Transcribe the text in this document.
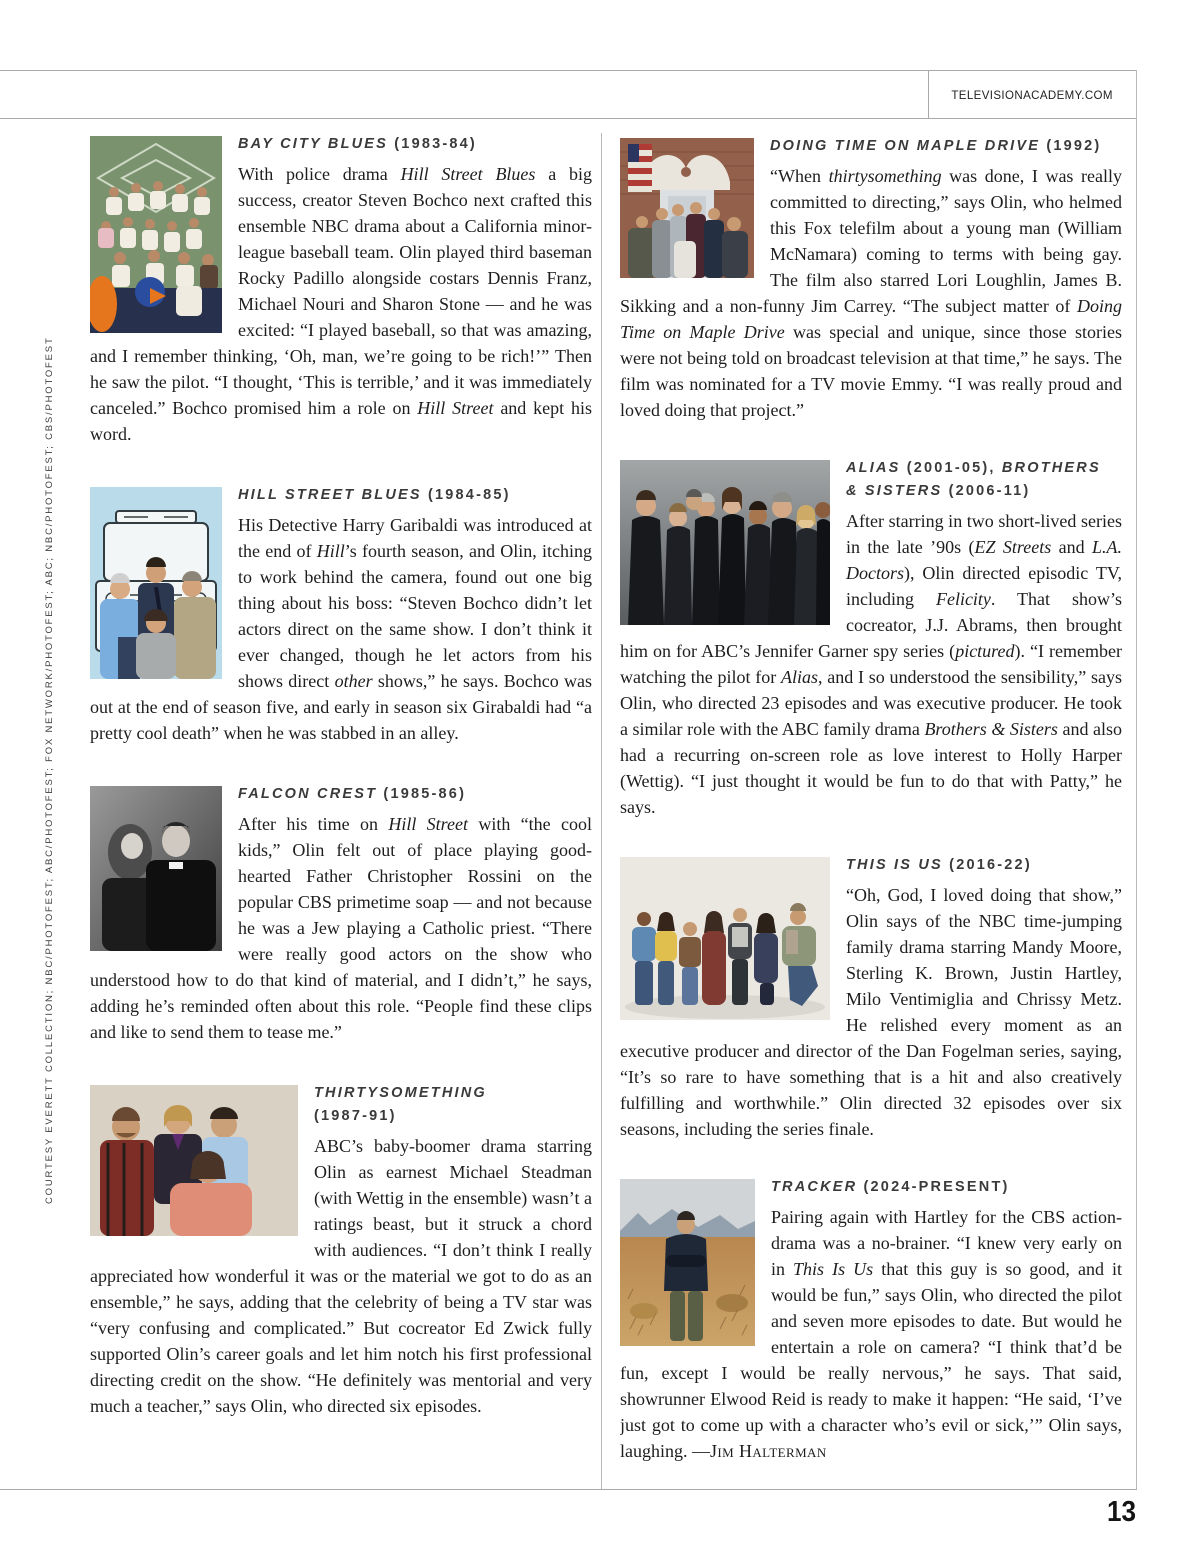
TELEVISIONACADEMY.COM
COURTESY EVERETT COLLECTION; NBC/PHOTOFEST; ABC/PHOTOFEST; FOX NETWORK/PHOTOFEST; ABC; NBC/PHOTOFEST; CBS/PHOTOFEST
13
BAY CITY BLUES (1983-84)

With police drama Hill Street Blues a big success, creator Steven Bochco next crafted this ensemble NBC drama about a California minor-league baseball team. Olin played third baseman Rocky Padillo alongside costars Dennis Franz, Michael Nouri and Sharon Stone — and he was excited: “I played baseball, so that was amazing, and I remember thinking, ‘Oh, man, we’re going to be rich!’” Then he saw the pilot. “I thought, ‘This is terrible,’ and it was immediately canceled.” Bochco promised him a role on Hill Street and kept his word.

HILL STREET BLUES (1984-85)

His Detective Harry Garibaldi was introduced at the end of Hill’s fourth season, and Olin, itching to work behind the camera, found out one big thing about his boss: “Steven Bochco didn’t let actors direct on the same show. I don’t think it ever changed, though he let actors from his shows direct other shows,” he says. Bochco was out at the end of season five, and early in season six Girabaldi had “a pretty cool death” when he was stabbed in an alley.

FALCON CREST (1985-86)

After his time on Hill Street with “the cool kids,” Olin felt out of place playing good-hearted Father Christopher Rossini on the popular CBS primetime soap — and not because he was a Jew playing a Catholic priest. “There were really good actors on the show who understood how to do that kind of material, and I didn’t,” he says, adding he’s reminded often about this role. “People find these clips and like to send them to tease me.”

THIRTYSOMETHING
(1987-91)

ABC’s baby-boomer drama starring Olin as earnest Michael Steadman (with Wettig in the ensemble) wasn’t a ratings beast, but it struck a chord with audiences. “I don’t think I really appreciated how wonderful it was or the material we got to do as an ensemble,” he says, adding that the celebrity of being a TV star was “very confusing and complicated.” But cocreator Ed Zwick fully supported Olin’s career goals and let him notch his first professional directing credit on the show. “He definitely was mentorial and very much a teacher,” says Olin, who directed six episodes.

DOING TIME ON MAPLE DRIVE (1992)

“When thirtysomething was done, I was really committed to directing,” says Olin, who helmed this Fox telefilm about a young man (William McNamara) coming to terms with being gay. The film also starred Lori Loughlin, James B. Sikking and a non-funny Jim Carrey. “The subject matter of Doing Time on Maple Drive was special and unique, since those stories were not being told on broadcast television at that time,” he says. The film was nominated for a TV movie Emmy. “I was really proud and loved doing that project.”

ALIAS (2001-05), BROTHERS
& SISTERS (2006-11)

After starring in two short-lived series in the late ’90s (EZ Streets and L.A. Doctors), Olin directed episodic TV, including Felicity. That show’s cocreator, J.J. Abrams, then brought him on for ABC’s Jennifer Garner spy series (pictured). “I remember watching the pilot for Alias, and I so understood the sensibility,” says Olin, who directed 23 episodes and was executive producer. He took a similar role with the ABC family drama Brothers & Sisters and also had a recurring on-screen role as love interest to Holly Harper (Wettig). “I just thought it would be fun to do that with Patty,” he says.

THIS IS US (2016-22)

“Oh, God, I loved doing that show,” Olin says of the NBC time-jumping family drama starring Mandy Moore, Sterling K. Brown, Justin Hartley, Milo Ventimiglia and Chrissy Metz. He relished every moment as an executive producer and director of the Dan Fogelman series, saying, “It’s so rare to have something that is a hit and also creatively fulfilling and worthwhile.” Olin directed 32 episodes over six seasons, including the series finale.

TRACKER (2024-PRESENT)

Pairing again with Hartley for the CBS action-drama was a no-brainer. “I knew very early on in This Is Us that this guy is so good, and it would be fun,” says Olin, who directed the pilot and seven more episodes to date. But would he entertain a role on camera? “I think that’d be fun, except I would be really nervous,” he says. That said, showrunner Elwood Reid is ready to make it happen: “He said, ‘I’ve just got to come up with a character who’s evil or sick,’” Olin says, laughing. —Jim Halterman
